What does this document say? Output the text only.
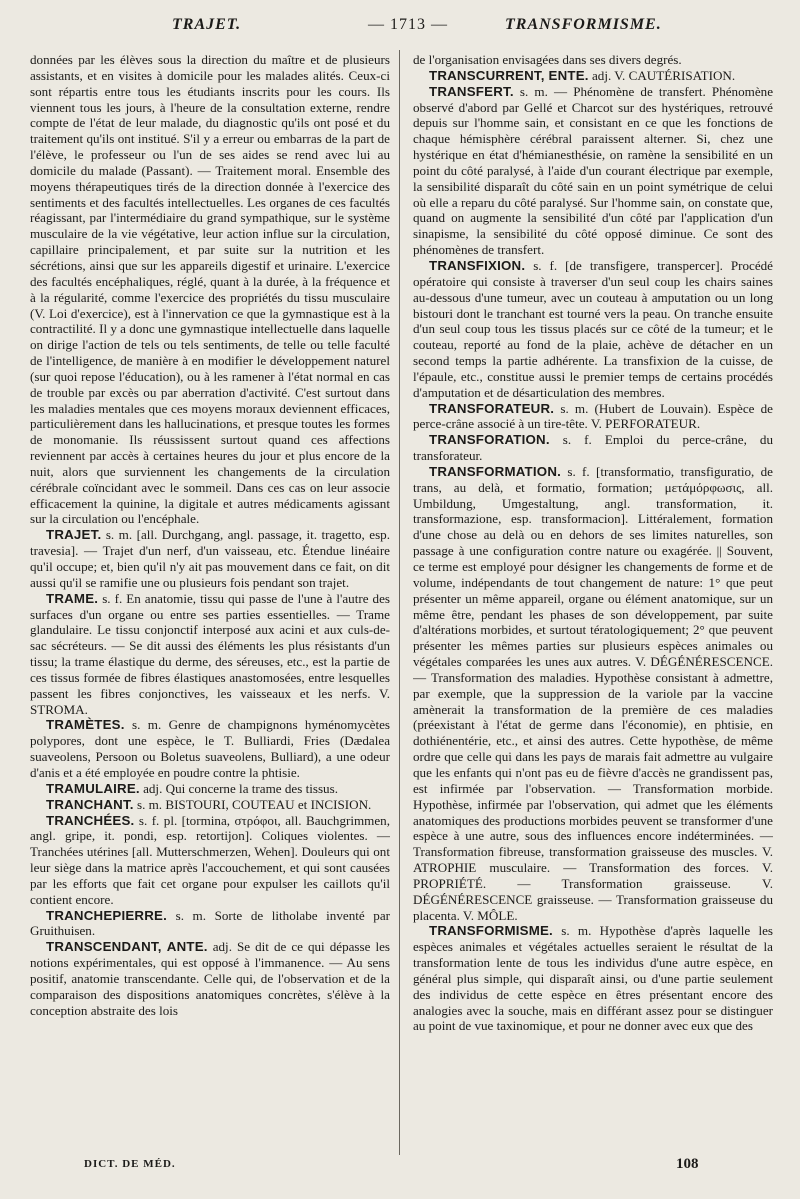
TRAJET.	— 1713 —	TRANSFORMISME.

données par les élèves sous la direction du maître et de plusieurs assistants, et en visites à domicile pour les malades alités. Ceux-ci sont répartis entre tous les étudiants inscrits pour les cours. Ils viennent tous les jours, à l'heure de la consultation externe, rendre compte de l'état de leur malade, du diagnostic qu'ils ont posé et du traitement qu'ils ont institué. S'il y a erreur ou embarras de la part de l'élève, le professeur ou l'un de ses aides se rend avec lui au domicile du malade (Passant). — Traitement moral. Ensemble des moyens thérapeutiques tirés de la direction donnée à l'exercice des sentiments et des facultés intellectuelles. Les organes de ces facultés réagissant, par l'intermédiaire du grand sympathique, sur le système musculaire de la vie végétative, leur action influe sur la circulation, capillaire principalement, et par suite sur la nutrition et les sécrétions, ainsi que sur les appareils digestif et urinaire. L'exercice des facultés encéphaliques, réglé, quant à la durée, à la fréquence et à la régularité, comme l'exercice des propriétés du tissu musculaire (V. Loi d'exercice), est à l'innervation ce que la gymnastique est à la contractilité. Il y a donc une gymnastique intellectuelle dans laquelle on dirige l'action de tels ou tels sentiments, de telle ou telle faculté de l'intelligence, de manière à en modifier le développement naturel (sur quoi repose l'éducation), ou à les ramener à l'état normal en cas de trouble par excès ou par aberration d'activité. C'est surtout dans les maladies mentales que ces moyens moraux deviennent efficaces, particulièrement dans les hallucinations, et presque toutes les formes de monomanie. Ils réussissent surtout quand ces affections reviennent par accès à certaines heures du jour et plus encore de la nuit, alors que surviennent les changements de la circulation cérébrale coïncidant avec le sommeil. Dans ces cas on leur associe efficacement la quinine, la digitale et autres médicaments agissant sur la circulation ou l'encéphale.

TRAJET. s. m. [all. Durchgang, angl. passage, it. tragetto, esp. travesia]. — Trajet d'un nerf, d'un vaisseau, etc. Étendue linéaire qu'il occupe; et, bien qu'il n'y ait pas mouvement dans ce fait, on dit aussi qu'il se ramifie une ou plusieurs fois pendant son trajet.

TRAME. s. f. En anatomie, tissu qui passe de l'une à l'autre des surfaces d'un organe ou entre ses parties essentielles. — Trame glandulaire. Le tissu conjonctif interposé aux acini et aux culs-de-sac sécréteurs. — Se dit aussi des éléments les plus résistants d'un tissu; la trame élastique du derme, des séreuses, etc., est la partie de ces tissus formée de fibres élastiques anastomosées, entre lesquelles passent les fibres conjonctives, les vaisseaux et les nerfs. V. STROMA.

TRAMÈTES. s. m. Genre de champignons hyménomycètes polypores, dont une espèce, le T. Bulliardi, Fries (Dædalea suaveolens, Persoon ou Boletus suaveolens, Bulliard), a une odeur d'anis et a été employée en poudre contre la phtisie.

TRAMULAIRE. adj. Qui concerne la trame des tissus.

TRANCHANT. s. m. BISTOURI, COUTEAU et INCISION.

TRANCHÉES. s. f. pl. [tormina, στρόφοι, all. Bauchgrimmen, angl. gripe, it. pondi, esp. retortijon]. Coliques violentes. — Tranchées utérines [all. Mutterschmerzen, Wehen]. Douleurs qui ont leur siège dans la matrice après l'accouchement, et qui sont causées par les efforts que fait cet organe pour expulser les caillots qu'il contient encore.

TRANCHEPIERRE. s. m. Sorte de litholabe inventé par Gruithuisen.

TRANSCENDANT, ANTE. adj. Se dit de ce qui dépasse les notions expérimentales, qui est opposé à l'immanence. — Au sens positif, anatomie transcendante. Celle qui, de l'observation et de la comparaison des dispositions anatomiques concrètes, s'élève à la conception abstraite des lois

de l'organisation envisagées dans ses divers degrés.

TRANSCURRENT, ENTE. adj. V. CAUTÉRISATION.

TRANSFERT. s. m. — Phénomène de transfert. Phénomène observé d'abord par Gellé et Charcot sur des hystériques, retrouvé depuis sur l'homme sain, et consistant en ce que les fonctions de chaque hémisphère cérébral paraissent alterner. Si, chez une hystérique en état d'hémianesthésie, on ramène la sensibilité en un point du côté paralysé, à l'aide d'un courant électrique par exemple, la sensibilité disparaît du côté sain en un point symétrique de celui où elle a reparu du côté paralysé. Sur l'homme sain, on constate que, quand on augmente la sensibilité d'un côté par l'application d'un sinapisme, la sensibilité du côté opposé diminue. Ce sont des phénomènes de transfert.

TRANSFIXION. s. f. [de transfigere, transpercer]. Procédé opératoire qui consiste à traverser d'un seul coup les chairs saines au-dessous d'une tumeur, avec un couteau à amputation ou un long bistouri dont le tranchant est tourné vers la peau. On tranche ensuite d'un seul coup tous les tissus placés sur ce côté de la tumeur; et le couteau, reporté au fond de la plaie, achève de détacher en un second temps la partie adhérente. La transfixion de la cuisse, de l'épaule, etc., constitue aussi le premier temps de certains procédés d'amputation et de désarticulation des membres.

TRANSFORATEUR. s. m. (Hubert de Louvain). Espèce de perce-crâne associé à un tire-tête. V. PERFORATEUR.

TRANSFORATION. s. f. Emploi du perce-crâne, du transforateur.

TRANSFORMATION. s. f. [transformatio, transfiguratio, de trans, au delà, et formatio, formation; μετάμόρφωσις, all. Umbildung, Umgestaltung, angl. transformation, it. transformazione, esp. transformacion]. Littéralement, formation d'une chose au delà ou en dehors de ses limites naturelles, son passage à une configuration contre nature ou exagérée. || Souvent, ce terme est employé pour désigner les changements de forme et de volume, indépendants de tout changement de nature: 1° que peut présenter un même appareil, organe ou élément anatomique, sur un même être, pendant les phases de son développement, par suite d'altérations morbides, et surtout tératologiquement; 2° que peuvent présenter les mêmes parties sur plusieurs espèces animales ou végétales comparées les unes aux autres. V. DÉGÉNÉRESCENCE. — Transformation des maladies. Hypothèse consistant à admettre, par exemple, que la suppression de la variole par la vaccine amènerait la transformation de la première de ces maladies (préexistant à l'état de germe dans l'économie), en phtisie, en dothiénentérie, etc., et ainsi des autres. Cette hypothèse, de même ordre que celle qui dans les pays de marais fait admettre au vulgaire que les enfants qui n'ont pas eu de fièvre d'accès ne grandissent pas, est infirmée par l'observation. — Transformation morbide. Hypothèse, infirmée par l'observation, qui admet que les éléments anatomiques des productions morbides peuvent se transformer d'une espèce à une autre, sous des influences encore indéterminées. — Transformation fibreuse, transformation graisseuse des muscles. V. ATROPHIE musculaire. — Transformation des forces. V. PROPRIÉTÉ. — Transformation graisseuse. V. DÉGÉNÉRESCENCE graisseuse. — Transformation graisseuse du placenta. V. MÔLE.

TRANSFORMISME. s. m. Hypothèse d'après laquelle les espèces animales et végétales actuelles seraient le résultat de la transformation lente de tous les individus d'une autre espèce, en général plus simple, qui disparaît ainsi, ou d'une partie seulement des individus de cette espèce en êtres présentant encore des analogies avec la souche, mais en différant assez pour se distinguer au point de vue taxinomique, et pour ne donner avec eux que des

DICT. DE MÉD.	108
